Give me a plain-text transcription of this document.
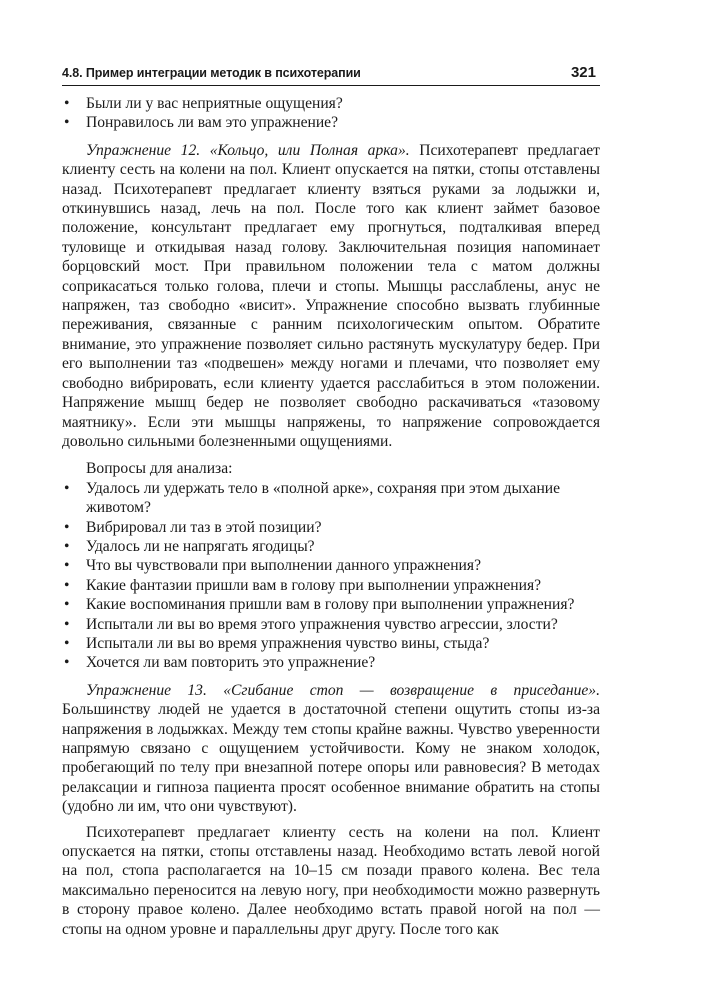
4.8. Пример интеграции методик в психотерапии	321
• Были ли у вас неприятные ощущения?
• Понравилось ли вам это упражнение?

Упражнение 12. «Кольцо, или Полная арка». Психотерапевт предлагает клиенту сесть на колени на пол. Клиент опускается на пятки, стопы отставлены назад. Психотерапевт предлагает клиенту взяться руками за лодыжки и, откинувшись назад, лечь на пол. После того как клиент займет базовое положение, консультант предлагает ему прогнуться, подталкивая вперед туловище и откидывая назад голову. Заключительная позиция напоминает борцовский мост. При правильном положении тела с матом должны соприкасаться только голова, плечи и стопы. Мышцы расслаблены, анус не напряжен, таз свободно «висит». Упражнение способно вызвать глубинные переживания, связанные с ранним психологическим опытом. Обратите внимание, это упражнение позволяет сильно растянуть мускулатуру бедер. При его выполнении таз «подвешен» между ногами и плечами, что позволяет ему свободно вибрировать, если клиенту удается расслабиться в этом положении. Напряжение мышц бедер не позволяет свободно раскачиваться «тазовому маятнику». Если эти мышцы напряжены, то напряжение сопровождается довольно сильными болезненными ощущениями.

Вопросы для анализа:

• Удалось ли удержать тело в «полной арке», сохраняя при этом дыхание животом?
• Вибрировал ли таз в этой позиции?
• Удалось ли не напрягать ягодицы?
• Что вы чувствовали при выполнении данного упражнения?
• Какие фантазии пришли вам в голову при выполнении упражнения?
• Какие воспоминания пришли вам в голову при выполнении упражнения?
• Испытали ли вы во время этого упражнения чувство агрессии, злости?
• Испытали ли вы во время упражнения чувство вины, стыда?
• Хочется ли вам повторить это упражнение?

Упражнение 13. «Сгибание стоп — возвращение в приседание». Большинству людей не удается в достаточной степени ощутить стопы из-за напряжения в лодыжках. Между тем стопы крайне важны. Чувство уверенности напрямую связано с ощущением устойчивости. Кому не знаком холодок, пробегающий по телу при внезапной потере опоры или равновесия? В методах релаксации и гипноза пациента просят особенное внимание обратить на стопы (удобно ли им, что они чувствуют).

Психотерапевт предлагает клиенту сесть на колени на пол. Клиент опускается на пятки, стопы отставлены назад. Необходимо встать левой ногой на пол, стопа располагается на 10–15 см позади правого колена. Вес тела максимально переносится на левую ногу, при необходимости можно развернуть в сторону правое колено. Далее необходимо встать правой ногой на пол — стопы на одном уровне и параллельны друг другу. После того как
